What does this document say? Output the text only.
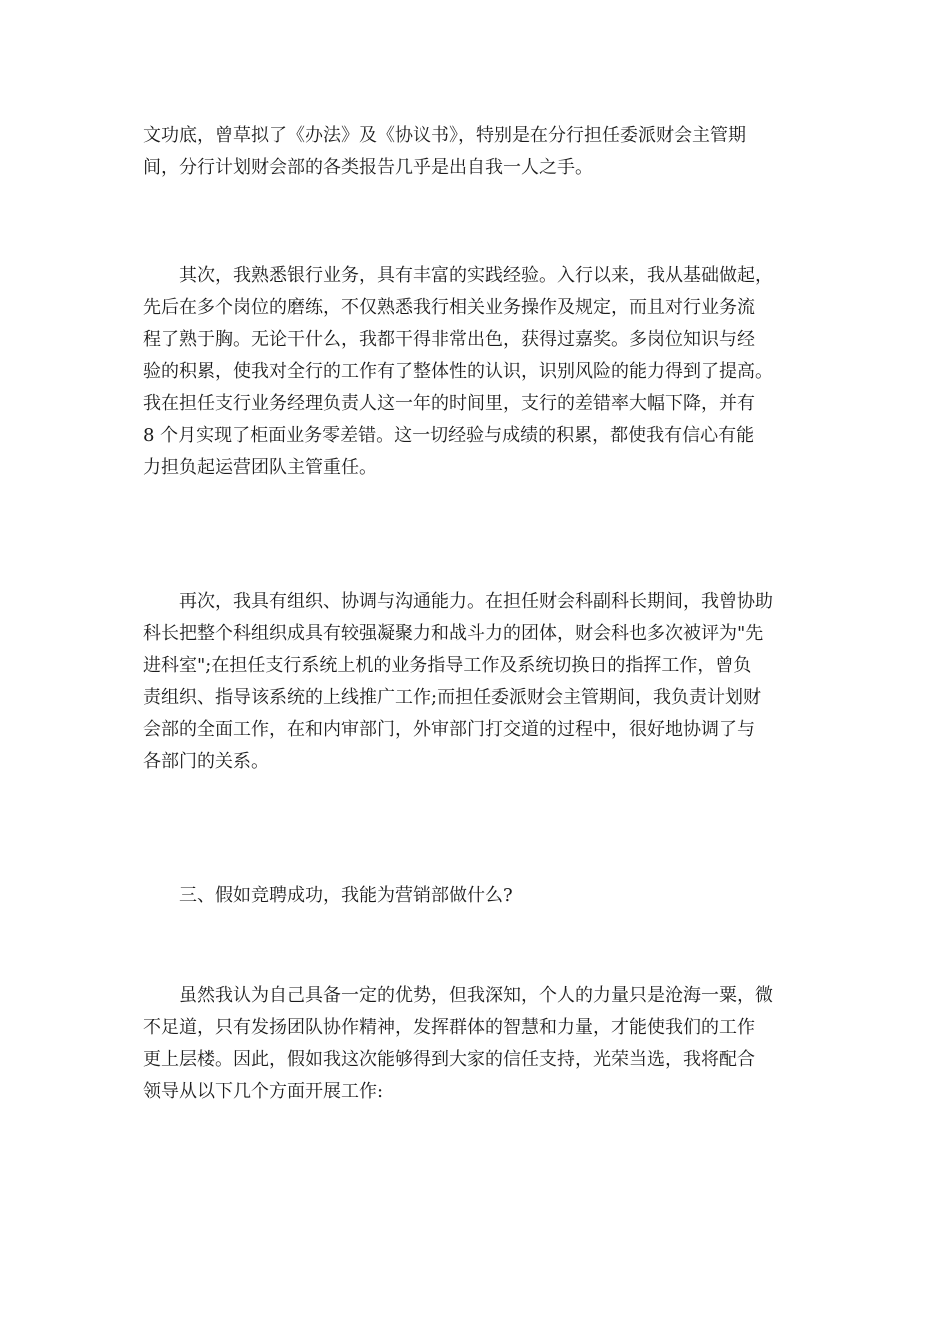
文功底，曾草拟了《办法》及《协议书》，特别是在分行担任委派财会主管期
间，分行计划财会部的各类报告几乎是出自我一人之手。
　　其次，我熟悉银行业务，具有丰富的实践经验。入行以来，我从基础做起，
先后在多个岗位的磨练，不仅熟悉我行相关业务操作及规定，而且对行业务流
程了熟于胸。无论干什么，我都干得非常出色，获得过嘉奖。多岗位知识与经
验的积累，使我对全行的工作有了整体性的认识，识别风险的能力得到了提高。
我在担任支行业务经理负责人这一年的时间里，支行的差错率大幅下降，并有
8 个月实现了柜面业务零差错。这一切经验与成绩的积累，都使我有信心有能
力担负起运营团队主管重任。
　　再次，我具有组织、协调与沟通能力。在担任财会科副科长期间，我曾协助
科长把整个科组织成具有较强凝聚力和战斗力的团体，财会科也多次被评为"先
进科室";在担任支行系统上机的业务指导工作及系统切换日的指挥工作，曾负
责组织、指导该系统的上线推广工作;而担任委派财会主管期间，我负责计划财
会部的全面工作，在和内审部门，外审部门打交道的过程中，很好地协调了与
各部门的关系。
　　三、假如竞聘成功，我能为营销部做什么?
　　虽然我认为自己具备一定的优势，但我深知，个人的力量只是沧海一粟，微
不足道，只有发扬团队协作精神，发挥群体的智慧和力量，才能使我们的工作
更上层楼。因此，假如我这次能够得到大家的信任支持，光荣当选，我将配合
领导从以下几个方面开展工作:
